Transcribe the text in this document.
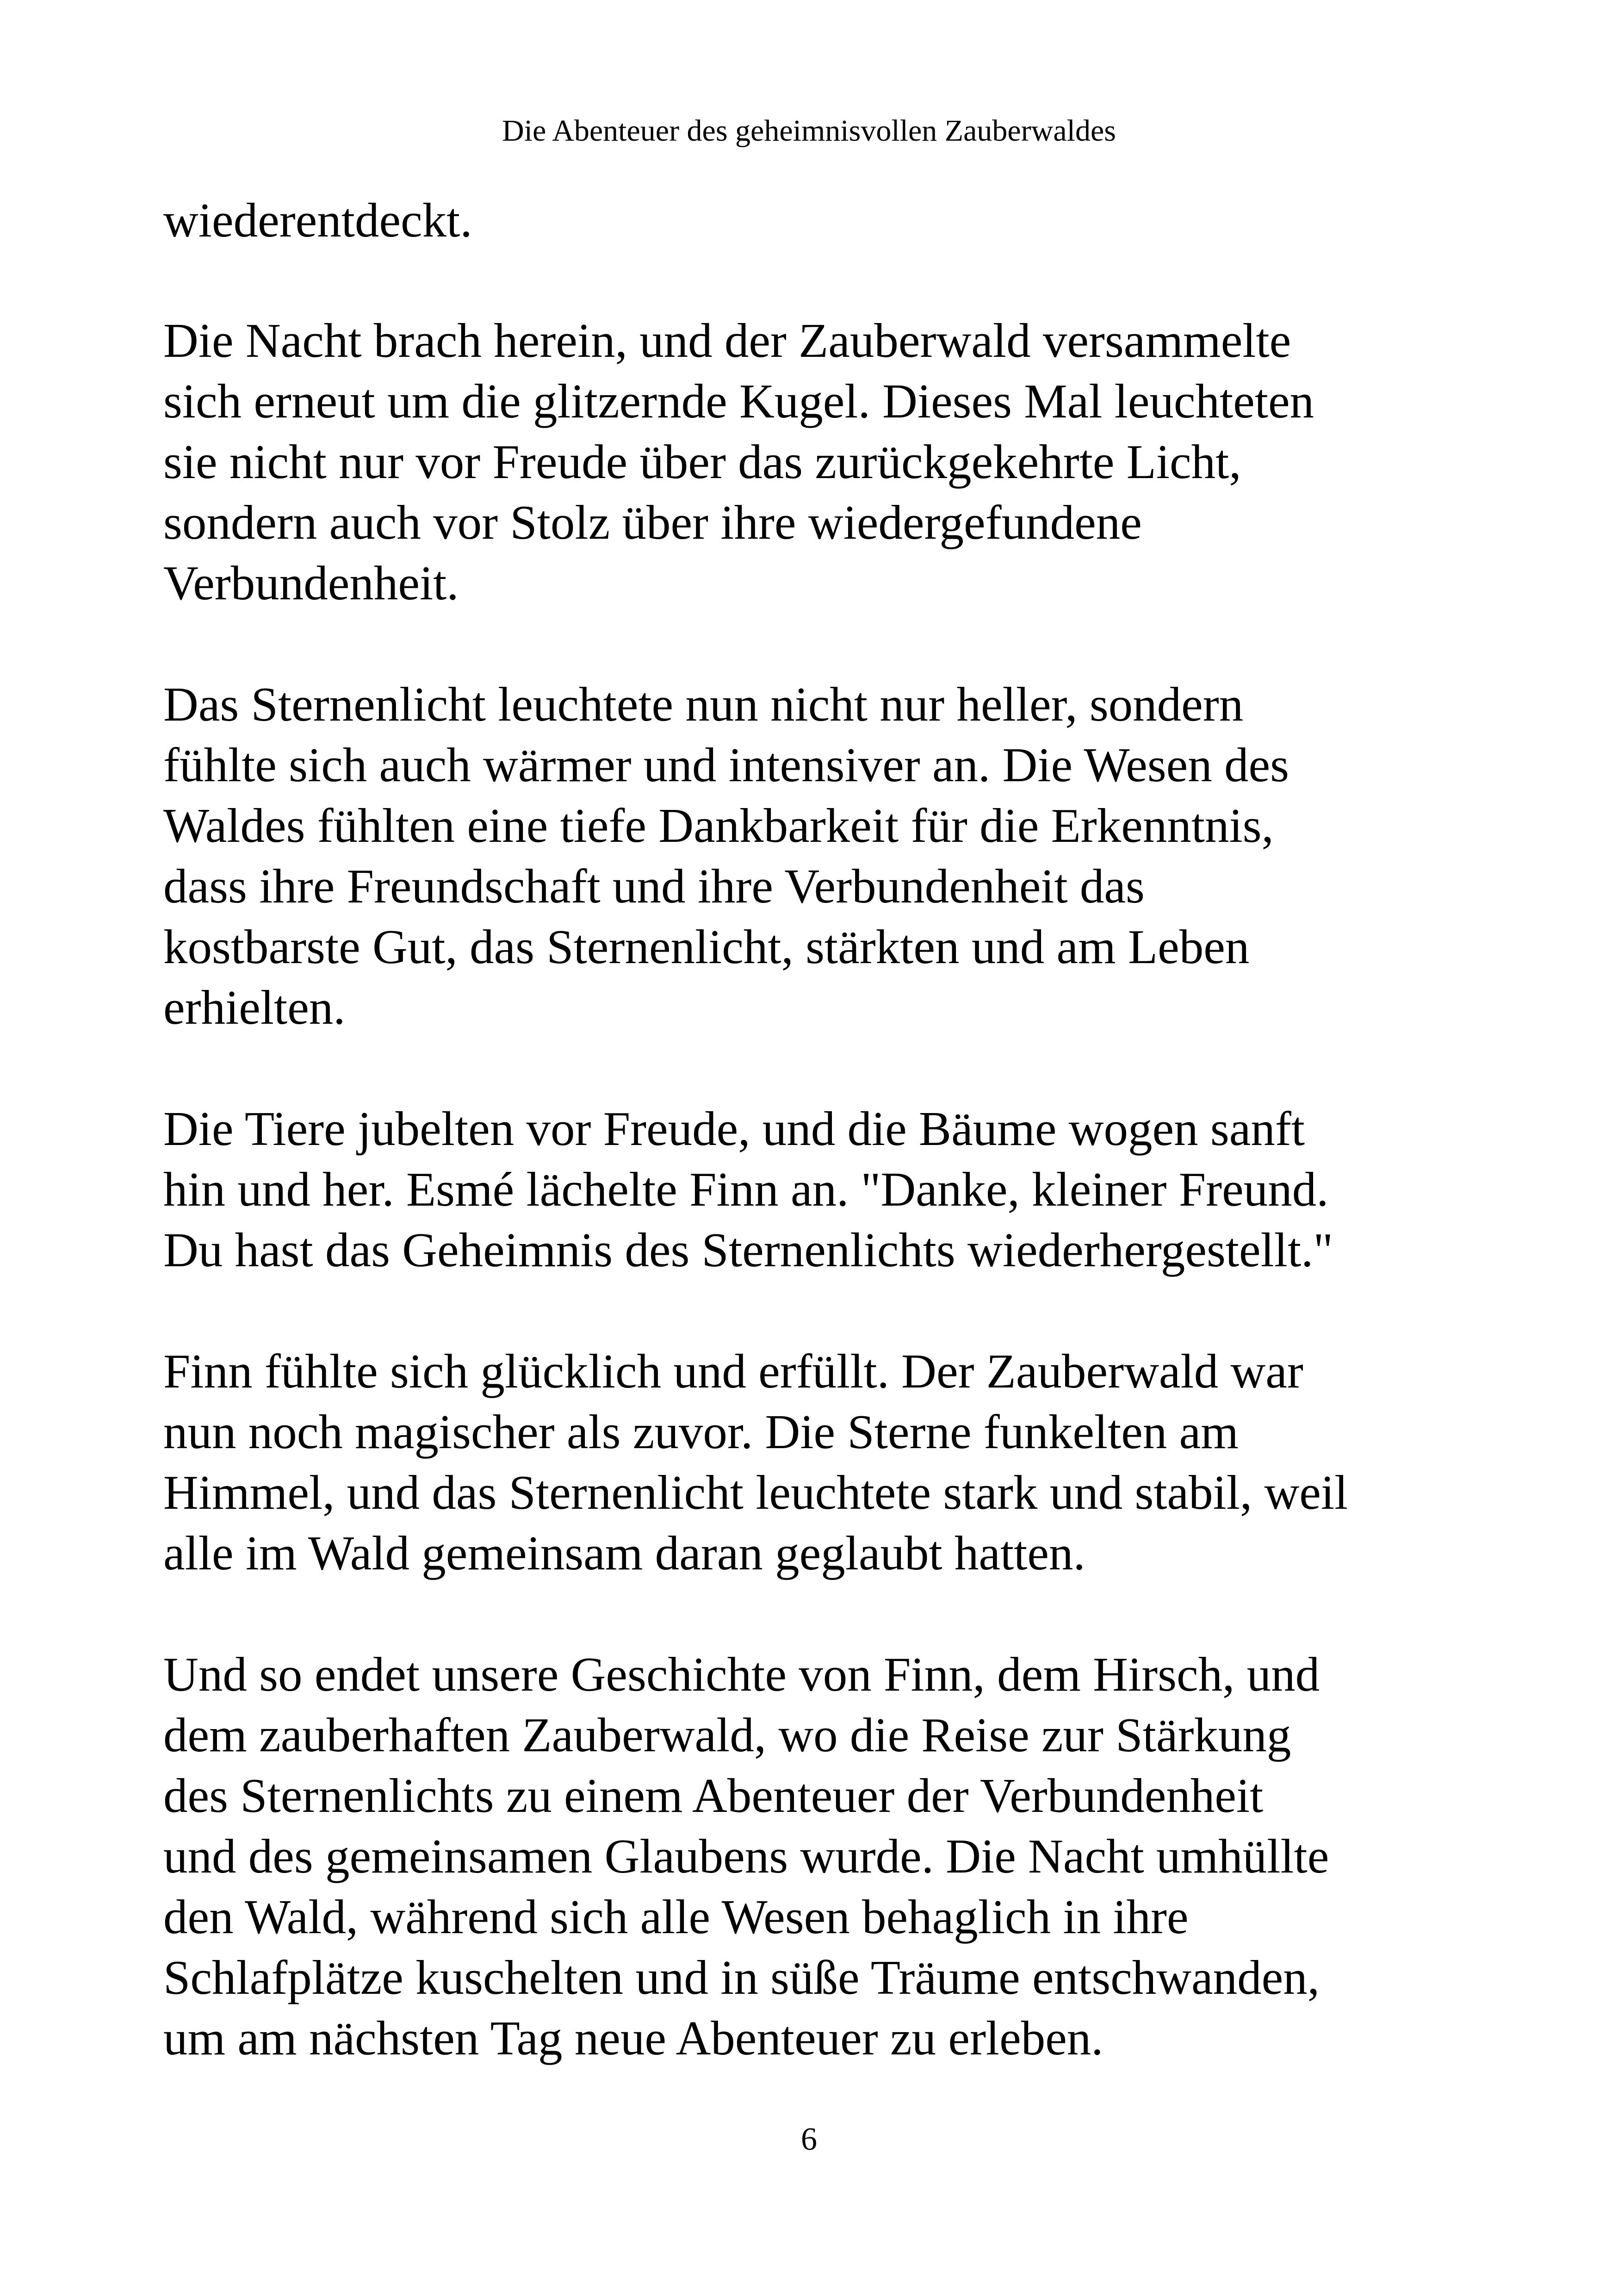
Die Abenteuer des geheimnisvollen Zauberwaldes

wiederentdeckt.

Die Nacht brach herein, und der Zauberwald versammelte
sich erneut um die glitzernde Kugel. Dieses Mal leuchteten
sie nicht nur vor Freude über das zurückgekehrte Licht,
sondern auch vor Stolz über ihre wiedergefundene
Verbundenheit.

Das Sternenlicht leuchtete nun nicht nur heller, sondern
fühlte sich auch wärmer und intensiver an. Die Wesen des
Waldes fühlten eine tiefe Dankbarkeit für die Erkenntnis,
dass ihre Freundschaft und ihre Verbundenheit das
kostbarste Gut, das Sternenlicht, stärkten und am Leben
erhielten.

Die Tiere jubelten vor Freude, und die Bäume wogen sanft
hin und her. Esmé lächelte Finn an. "Danke, kleiner Freund.
Du hast das Geheimnis des Sternenlichts wiederhergestellt."

Finn fühlte sich glücklich und erfüllt. Der Zauberwald war
nun noch magischer als zuvor. Die Sterne funkelten am
Himmel, und das Sternenlicht leuchtete stark und stabil, weil
alle im Wald gemeinsam daran geglaubt hatten.

Und so endet unsere Geschichte von Finn, dem Hirsch, und
dem zauberhaften Zauberwald, wo die Reise zur Stärkung
des Sternenlichts zu einem Abenteuer der Verbundenheit
und des gemeinsamen Glaubens wurde. Die Nacht umhüllte
den Wald, während sich alle Wesen behaglich in ihre
Schlafplätze kuschelten und in süße Träume entschwanden,
um am nächsten Tag neue Abenteuer zu erleben.

6
